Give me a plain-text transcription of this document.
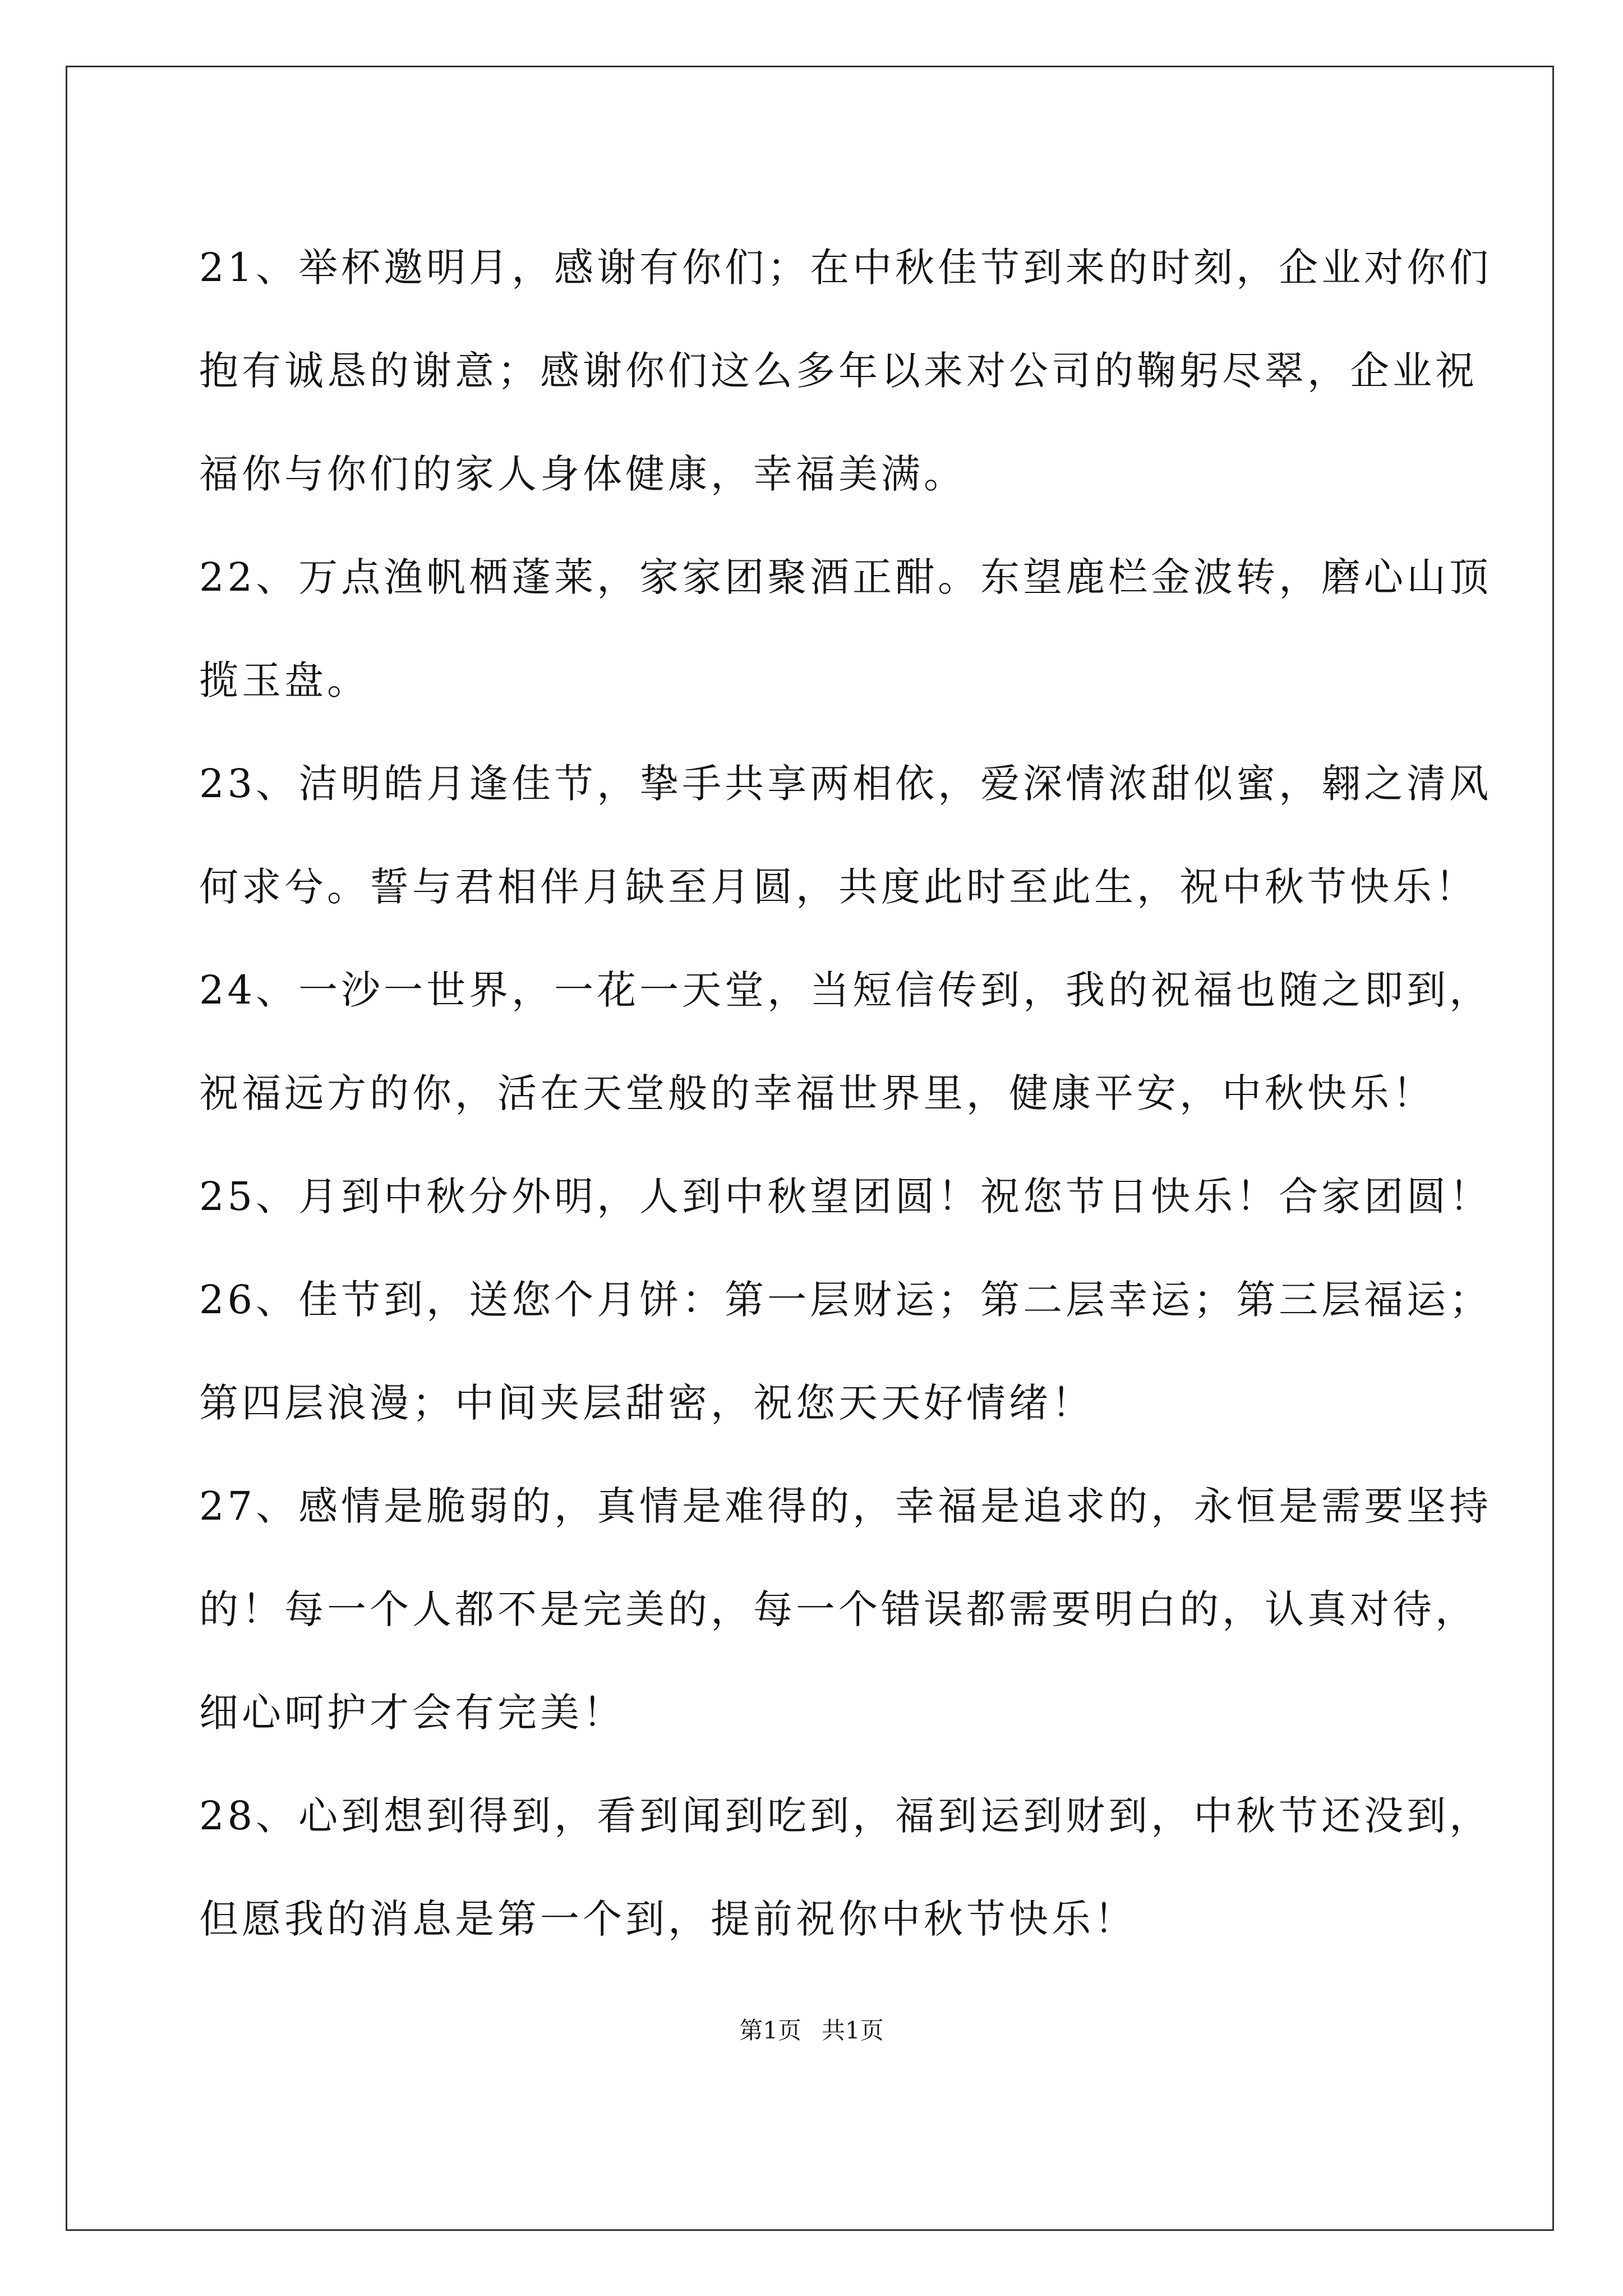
21、举杯邀明月，感谢有你们；在中秋佳节到来的时刻，企业对你们
抱有诚恳的谢意；感谢你们这么多年以来对公司的鞠躬尽翠，企业祝
福你与你们的家人身体健康，幸福美满。

22、万点渔帆栖蓬莱，家家团聚酒正酣。东望鹿栏金波转，磨心山顶
揽玉盘。

23、洁明皓月逢佳节，挚手共享两相依，爱深情浓甜似蜜，翱之清风
何求兮。誓与君相伴月缺至月圆，共度此时至此生，祝中秋节快乐！

24、一沙一世界，一花一天堂，当短信传到，我的祝福也随之即到，
祝福远方的你，活在天堂般的幸福世界里，健康平安，中秋快乐！

25、月到中秋分外明，人到中秋望团圆！祝您节日快乐！合家团圆！

26、佳节到，送您个月饼：第一层财运；第二层幸运；第三层福运；
第四层浪漫；中间夹层甜密，祝您天天好情绪！

27、感情是脆弱的，真情是难得的，幸福是追求的，永恒是需要坚持
的！每一个人都不是完美的，每一个错误都需要明白的，认真对待，
细心呵护才会有完美！

28、心到想到得到，看到闻到吃到，福到运到财到，中秋节还没到，
但愿我的消息是第一个到，提前祝你中秋节快乐！

第1页 共1页
